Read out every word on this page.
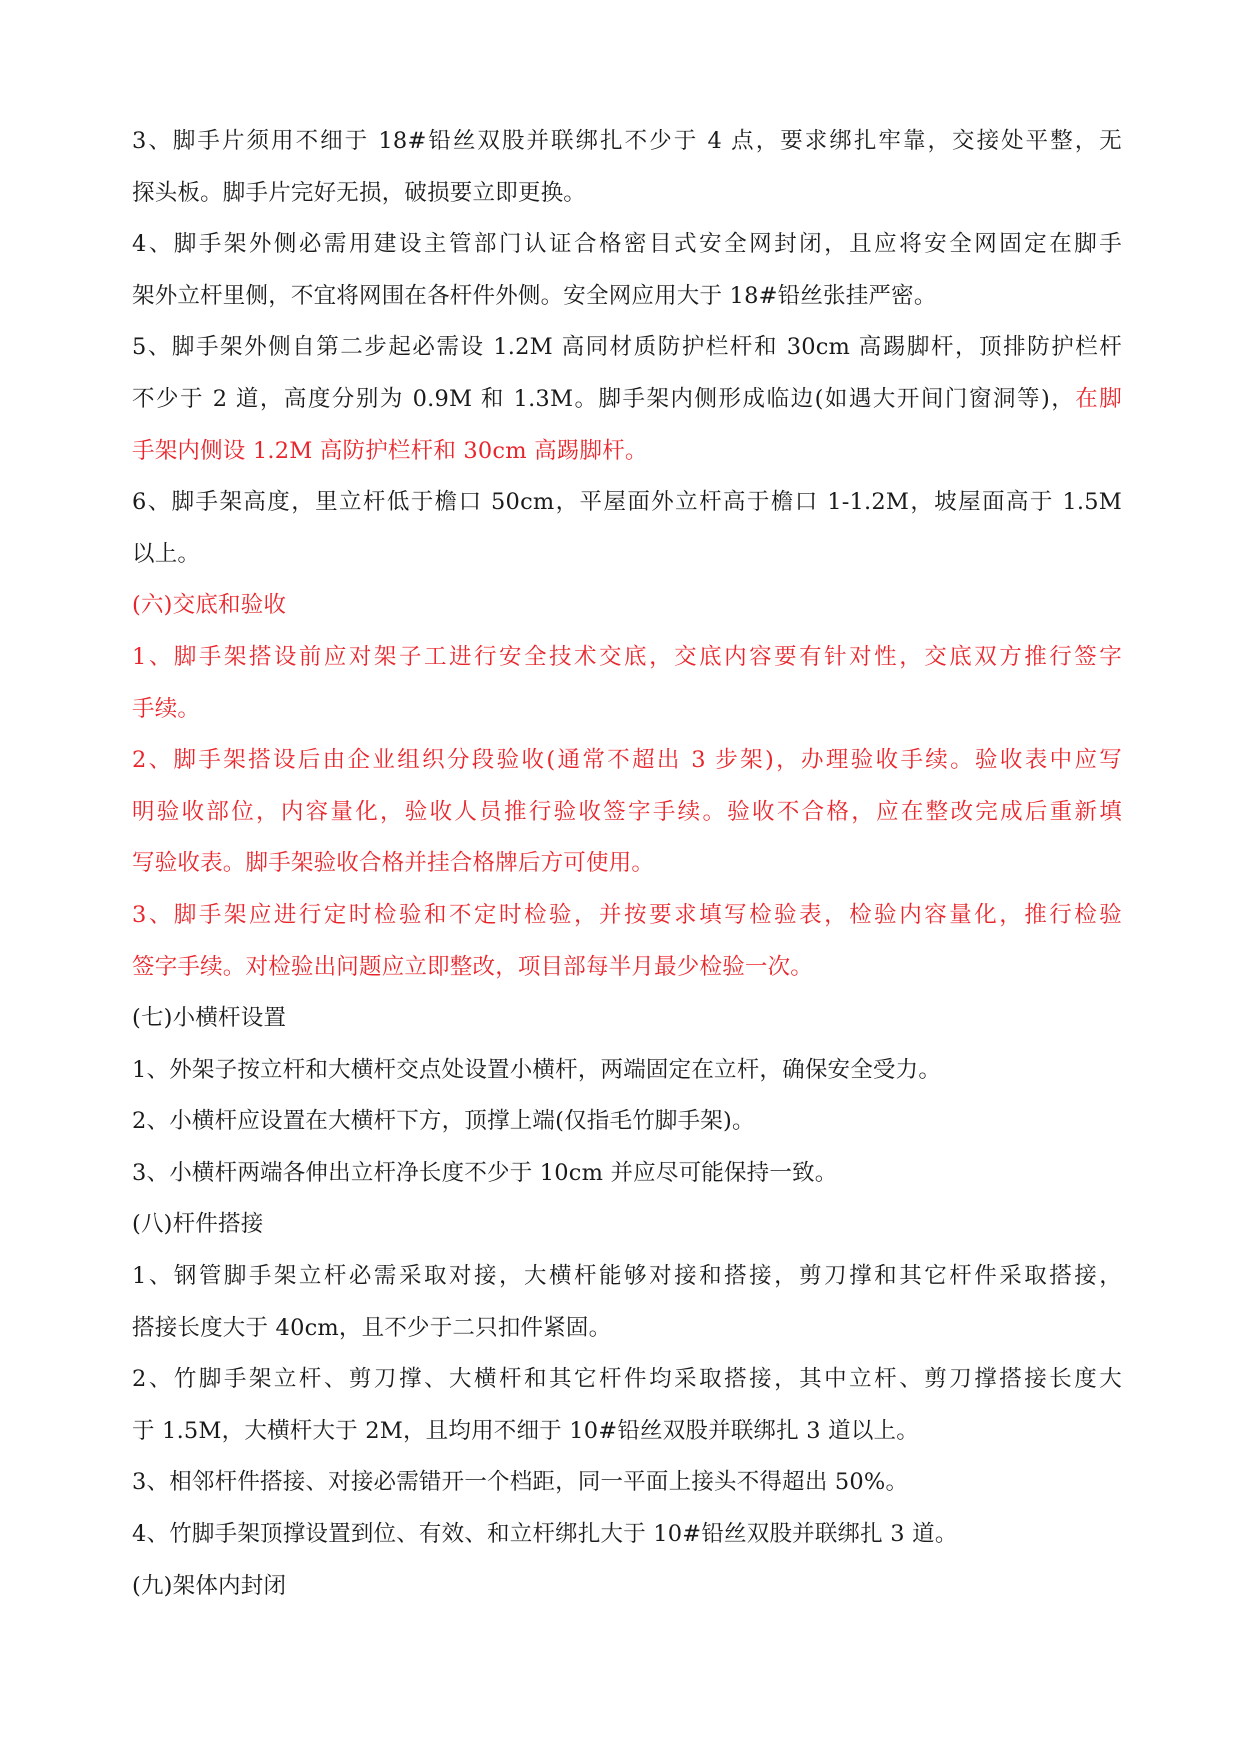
3、脚手片须用不细于 18#铅丝双股并联绑扎不少于 4 点，要求绑扎牢靠，交接处平整，无
探头板。脚手片完好无损，破损要立即更换。
4、脚手架外侧必需用建设主管部门认证合格密目式安全网封闭，且应将安全网固定在脚手
架外立杆里侧，不宜将网围在各杆件外侧。安全网应用大于 18#铅丝张挂严密。
5、脚手架外侧自第二步起必需设 1.2M 高同材质防护栏杆和 30cm 高踢脚杆，顶排防护栏杆
不少于 2 道，高度分别为 0.9M 和 1.3M。脚手架内侧形成临边(如遇大开间门窗洞等)，在脚
手架内侧设 1.2M 高防护栏杆和 30cm 高踢脚杆。
6、脚手架高度，里立杆低于檐口 50cm，平屋面外立杆高于檐口 1-1.2M，坡屋面高于 1.5M
以上。
(六)交底和验收
1、脚手架搭设前应对架子工进行安全技术交底，交底内容要有针对性，交底双方推行签字
手续。
2、脚手架搭设后由企业组织分段验收(通常不超出 3 步架)，办理验收手续。验收表中应写
明验收部位，内容量化，验收人员推行验收签字手续。验收不合格，应在整改完成后重新填
写验收表。脚手架验收合格并挂合格牌后方可使用。
3、脚手架应进行定时检验和不定时检验，并按要求填写检验表，检验内容量化，推行检验
签字手续。对检验出问题应立即整改，项目部每半月最少检验一次。
(七)小横杆设置
1、外架子按立杆和大横杆交点处设置小横杆，两端固定在立杆，确保安全受力。
2、小横杆应设置在大横杆下方，顶撑上端(仅指毛竹脚手架)。
3、小横杆两端各伸出立杆净长度不少于 10cm 并应尽可能保持一致。
(八)杆件搭接
1、钢管脚手架立杆必需采取对接，大横杆能够对接和搭接，剪刀撑和其它杆件采取搭接，
搭接长度大于 40cm，且不少于二只扣件紧固。
2、竹脚手架立杆、剪刀撑、大横杆和其它杆件均采取搭接，其中立杆、剪刀撑搭接长度大
于 1.5M，大横杆大于 2M，且均用不细于 10#铅丝双股并联绑扎 3 道以上。
3、相邻杆件搭接、对接必需错开一个档距，同一平面上接头不得超出 50%。
4、竹脚手架顶撑设置到位、有效、和立杆绑扎大于 10#铅丝双股并联绑扎 3 道。
(九)架体内封闭
